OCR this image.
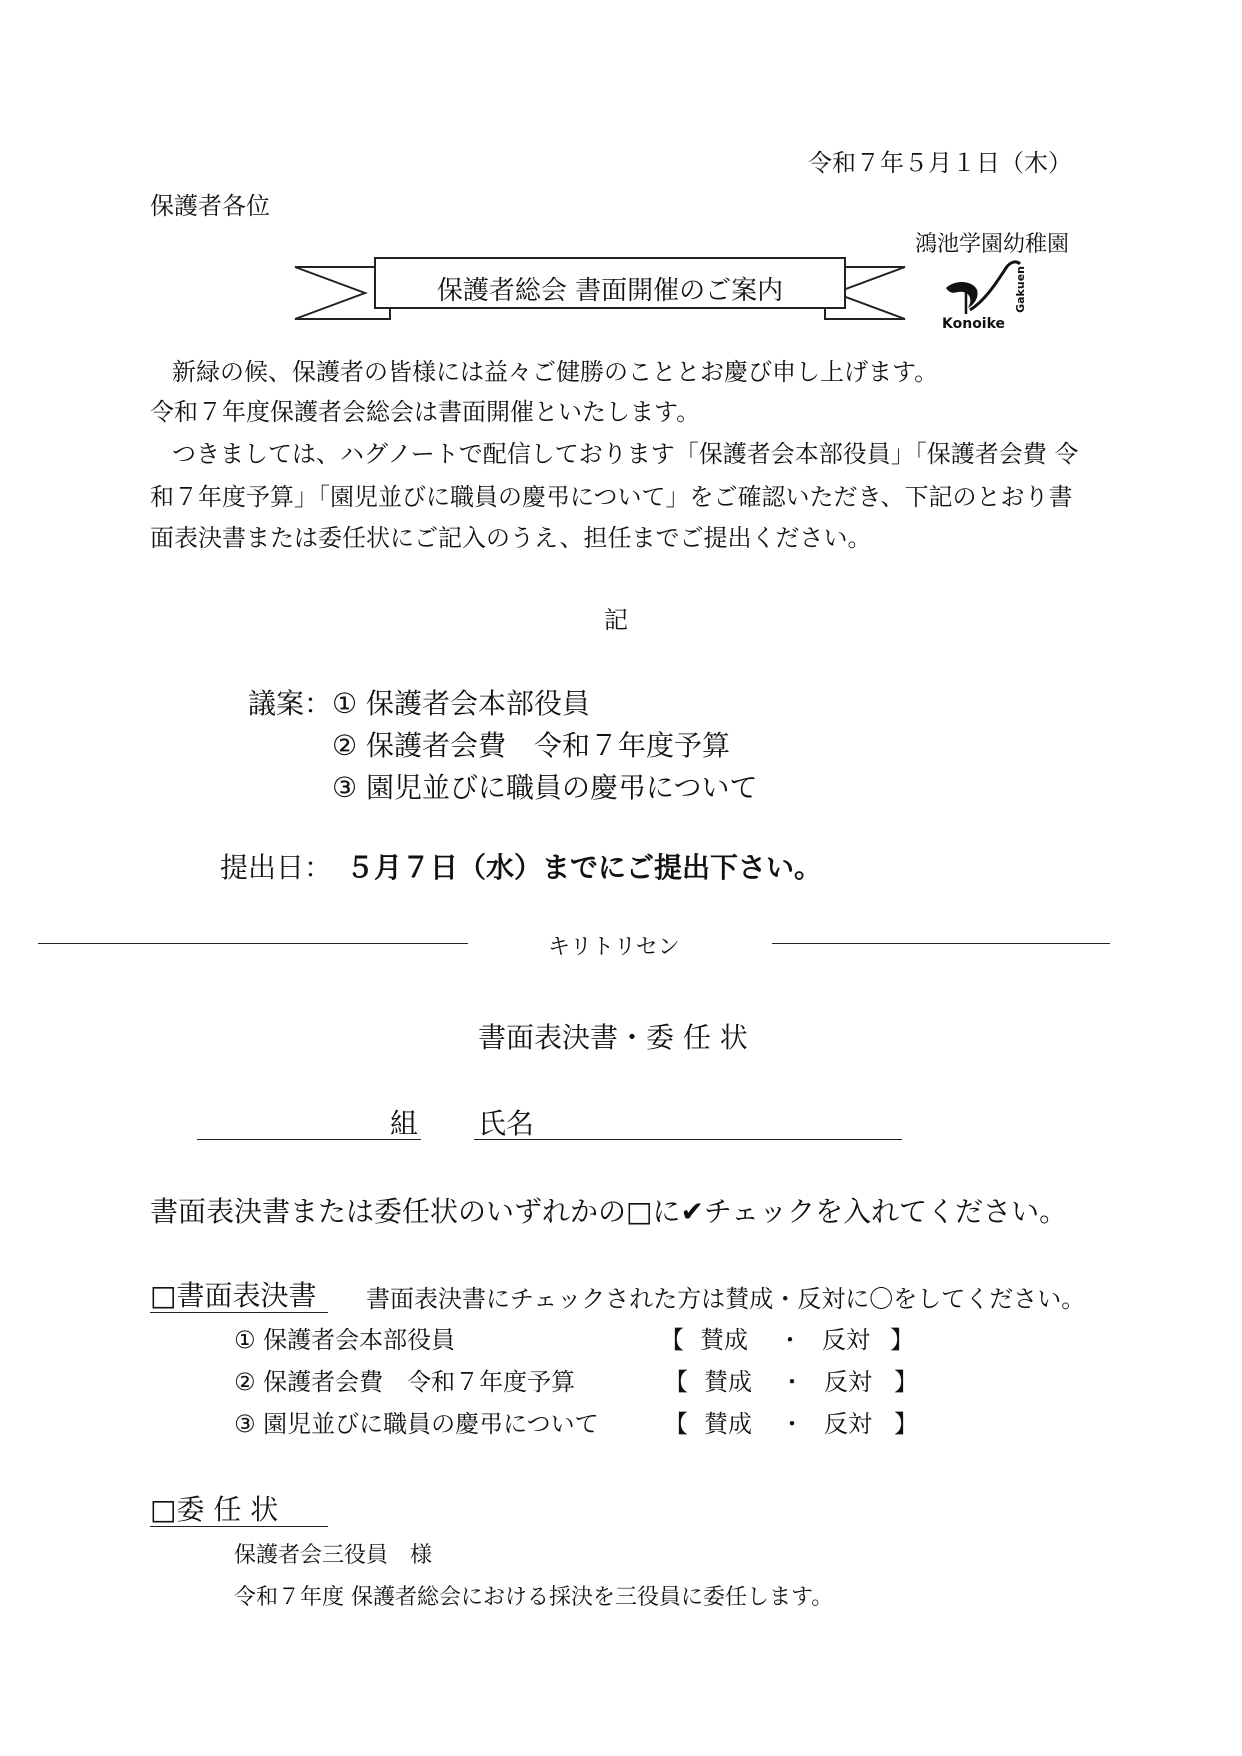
令和７年５月１日（木）
保護者各位
鴻池学園幼稚園
保護者総会 書面開催のご案内
Konoike
Gakuen
新緑の候、保護者の皆様には益々ご健勝のこととお慶び申し上げます。
令和７年度保護者会総会は書面開催といたします。
つきましては、ハグノートで配信しております「保護者会本部役員」「保護者会費 令
和７年度予算」「園児並びに職員の慶弔について」をご確認いただき、下記のとおり書
面表決書または委任状にご記入のうえ、担任までご提出ください。
記
議案： ① 保護者会本部役員
② 保護者会費　令和７年度予算
③ 園児並びに職員の慶弔について
提出日： ５月７日（水）までにご提出下さい。
キリトリセン
書面表決書・委 任 状
組 氏名
書面表決書または委任状のいずれかの□に✔チェックを入れてください。
□書面表決書 書面表決書にチェックされた方は賛成・反対に〇をしてください。
① 保護者会本部役員	【 賛成 ・ 反対 】
② 保護者会費　令和７年度予算	【 賛成 ・ 反対 】
③ 園児並びに職員の慶弔について	【 賛成 ・ 反対 】
□委 任 状
保護者会三役員　様
令和７年度 保護者総会における採決を三役員に委任します。
